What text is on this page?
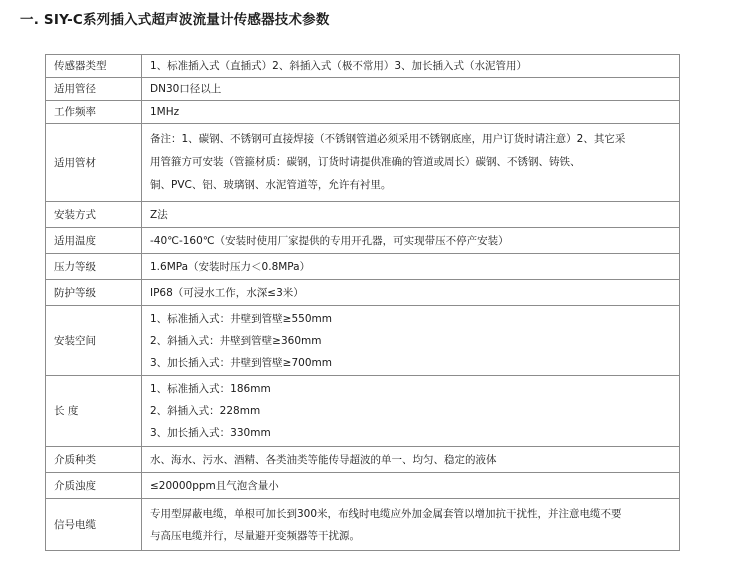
一. SIY-C系列插入式超声波流量计传感器技术参数
传感器类型	1、标准插入式（直插式）2、斜插入式（极不常用）3、加长插入式（水泥管用）

适用管径	DN30口径以上

工作频率	1MHz

适用管材	备注：1、碳钢、不锈钢可直接焊接（不锈钢管道必须采用不锈钢底座，用户订货时请注意）2、其它采
用管箍方可安装（管箍材质：碳钢，订货时请提供准确的管道或周长）碳钢、不锈钢、铸铁、
铜、PVC、铝、玻璃钢、水泥管道等，允许有衬里。

安装方式	Z法

适用温度	-40℃-160℃（安装时使用厂家提供的专用开孔器，可实现带压不停产安装）

压力等级	1.6MPa（安装时压力＜0.8MPa）

防护等级	IP68（可浸水工作，水深≤3米）

安装空间	1、标准插入式：井壁到管壁≥550mm
2、斜插入式：井壁到管壁≥360mm
3、加长插入式：井壁到管壁≥700mm

长 度	1、标准插入式：186mm
2、斜插入式：228mm
3、加长插入式：330mm

介质种类	水、海水、污水、酒精、各类油类等能传导超波的单一、均匀、稳定的液体

介质浊度	≤20000ppm且气泡含量小

信号电缆	专用型屏蔽电缆，单根可加长到300米，布线时电缆应外加金属套管以增加抗干扰性，并注意电缆不要
与高压电缆并行，尽量避开变频器等干扰源。
